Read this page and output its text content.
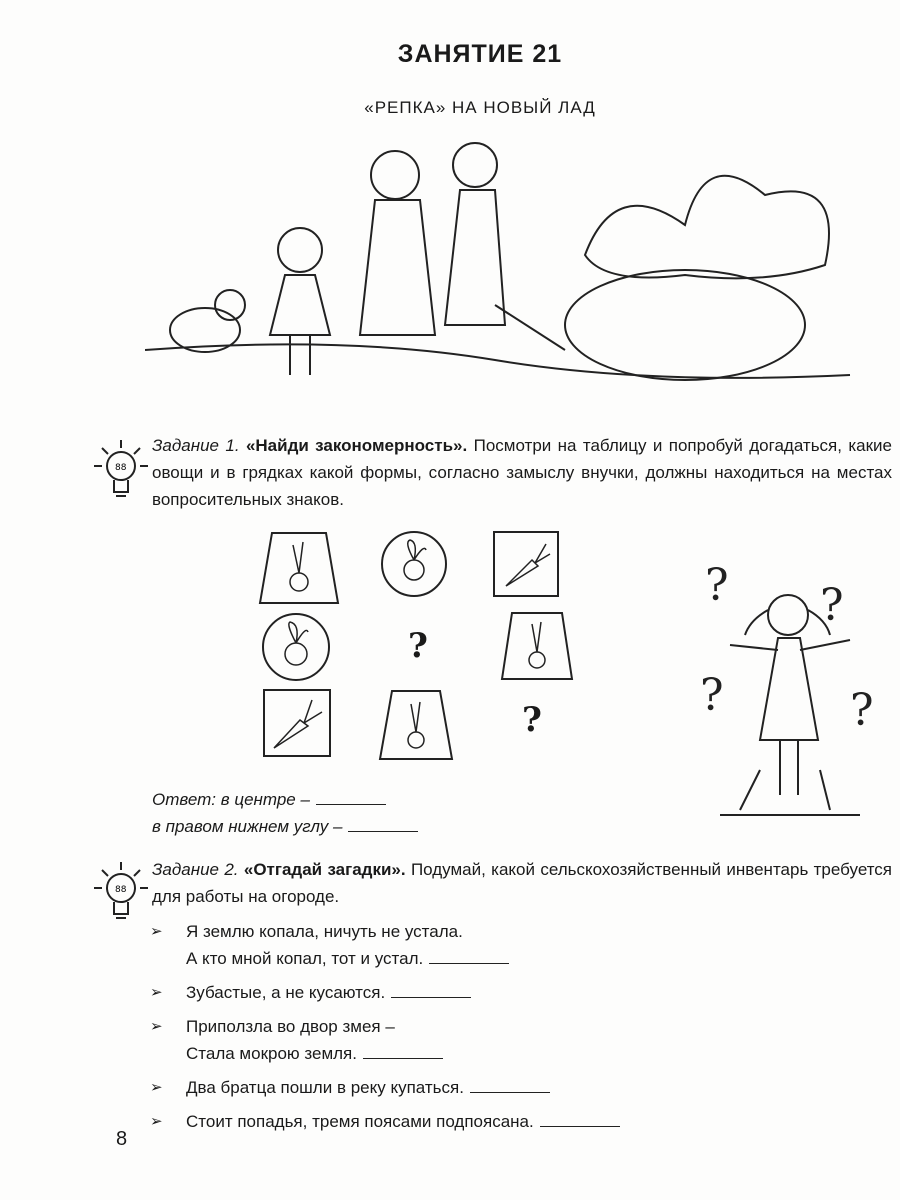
ЗАНЯТИЕ 21
«РЕПКА» НА НОВЫЙ ЛАД
88
Задание 1. «Найди закономерность». Посмотри на таблицу и попробуй догадаться, какие овощи и в грядках какой формы, согласно замыслу внучки, должны находиться на местах вопросительных знаков.
?
?
? ?
?	?
Ответ: в центре –
в правом нижнем углу –
88
Задание 2. «Отгадай загадки». Подумай, какой сельскохозяйственный инвентарь требуется для работы на огороде.
➢ Я землю копала, ничуть не устала.
А кто мной копал, тот и устал.
➢ Зубастые, а не кусаются.
➢ Приползла во двор змея –
Стала мокрою земля.
➢ Два братца пошли в реку купаться.
➢ Стоит попадья, тремя поясами подпоясана.
8
